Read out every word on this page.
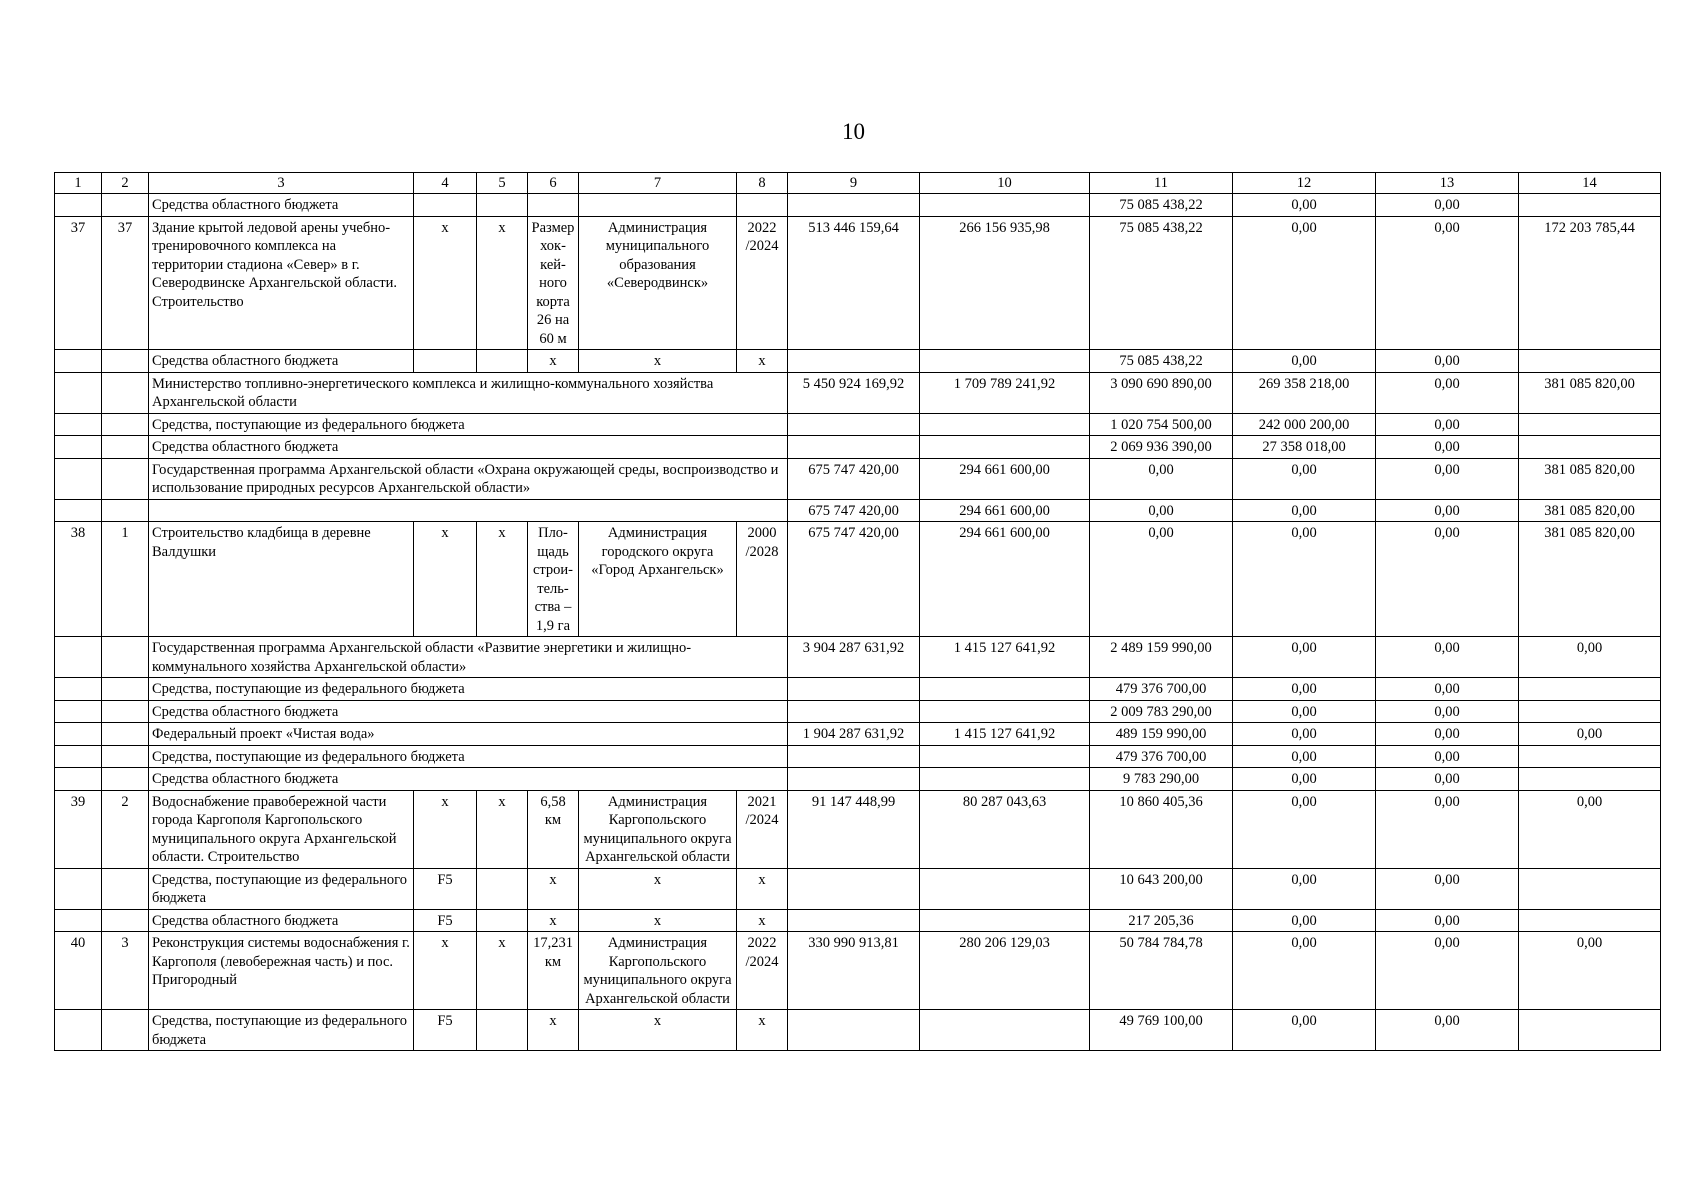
10
1	2	3	4	5	6	7	8	9	10	11	12	13	14
		Средства областного бюджета								75 085 438,22	0,00	0,00	
37	37	Здание крытой ледовой арены учебно-тренировочного комплекса на территории стадиона «Север» в г. Северодвинске Архангельской области. Строительство	х	х	Размер хок-кей-ного корта 26 на 60 м	Администрация муниципального образования «Северодвинск»	2022 /2024	513 446 159,64	266 156 935,98	75 085 438,22	0,00	0,00	172 203 785,44
		Средства областного бюджета			х	х	х			75 085 438,22	0,00	0,00	
		Министерство топливно-энергетического комплекса и жилищно-коммунального хозяйства Архангельской области						5 450 924 169,92	1 709 789 241,92	3 090 690 890,00	269 358 218,00	0,00	381 085 820,00
		Средства, поступающие из федерального бюджета								1 020 754 500,00	242 000 200,00	0,00	
		Средства областного бюджета								2 069 936 390,00	27 358 018,00	0,00	
		Государственная программа Архангельской области «Охрана окружающей среды, воспроизводство и использование природных ресурсов Архангельской области»						675 747 420,00	294 661 600,00	0,00	0,00	0,00	381 085 820,00
								675 747 420,00	294 661 600,00	0,00	0,00	0,00	381 085 820,00
38	1	Строительство кладбища в деревне Валдушки	х	х	Пло-щадь строи-тель-ства – 1,9 га	Администрация городского округа «Город Архангельск»	2000 /2028	675 747 420,00	294 661 600,00	0,00	0,00	0,00	381 085 820,00
		Государственная программа Архангельской области «Развитие энергетики и жилищно-коммунального хозяйства Архангельской области»						3 904 287 631,92	1 415 127 641,92	2 489 159 990,00	0,00	0,00	0,00
		Средства, поступающие из федерального бюджета								479 376 700,00	0,00	0,00	
		Средства областного бюджета								2 009 783 290,00	0,00	0,00	
		Федеральный проект «Чистая вода»						1 904 287 631,92	1 415 127 641,92	489 159 990,00	0,00	0,00	0,00
		Средства, поступающие из федерального бюджета								479 376 700,00	0,00	0,00	
		Средства областного бюджета								9 783 290,00	0,00	0,00	
39	2	Водоснабжение правобережной части города Каргополя Каргопольского муниципального округа Архангельской области. Строительство	х	х	6,58 км	Администрация Каргопольского муниципального округа Архангельской области	2021 /2024	91 147 448,99	80 287 043,63	10 860 405,36	0,00	0,00	0,00
		Средства, поступающие из федерального бюджета	F5		х	х	х			10 643 200,00	0,00	0,00	
		Средства областного бюджета	F5		х	х	х			217 205,36	0,00	0,00	
40	3	Реконструкция системы водоснабжения г. Каргополя (левобережная часть) и пос. Пригородный	х	х	17,231 км	Администрация Каргопольского муниципального округа Архангельской области	2022 /2024	330 990 913,81	280 206 129,03	50 784 784,78	0,00	0,00	0,00
		Средства, поступающие из федерального бюджета	F5		х	х	х			49 769 100,00	0,00	0,00	
